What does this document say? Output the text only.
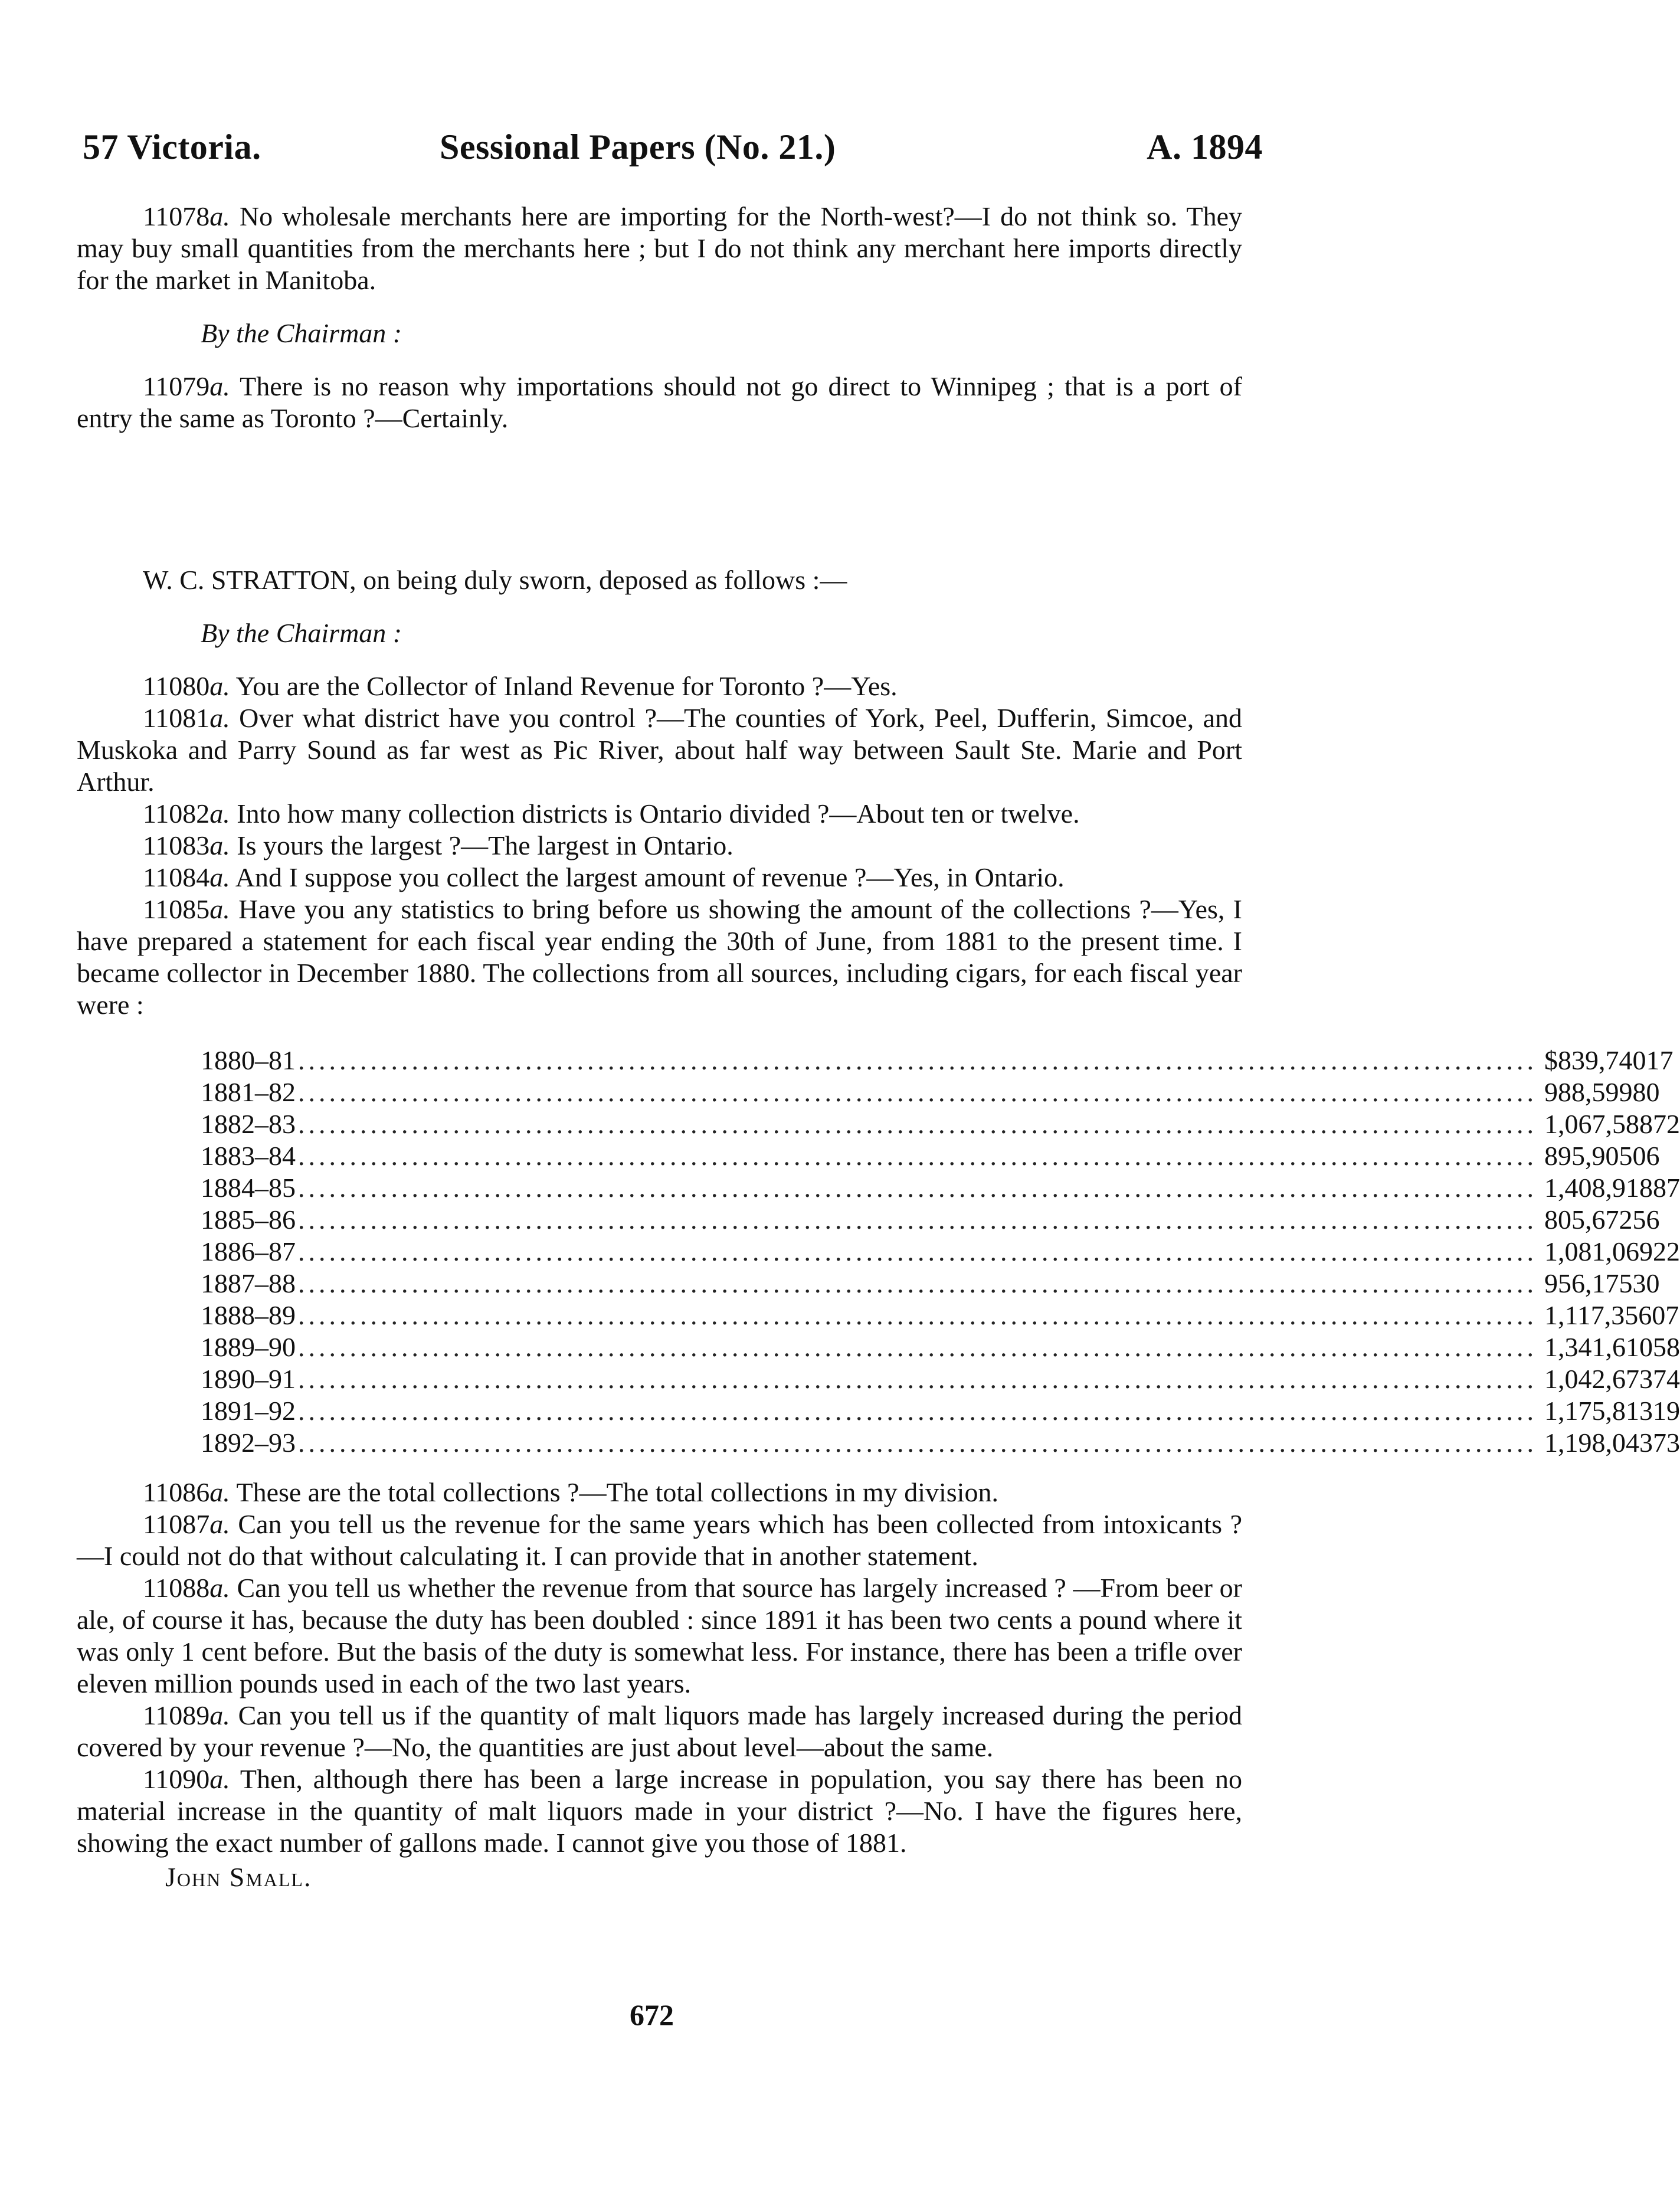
57 Victoria.	Sessional Papers (No. 21.)	A. 1894

11078a. No wholesale merchants here are importing for the North-west?—I do not think so. They may buy small quantities from the merchants here ; but I do not think any merchant here imports directly for the market in Manitoba.

By the Chairman :

11079a. There is no reason why importations should not go direct to Winnipeg ; that is a port of entry the same as Toronto ?—Certainly.

W. C. STRATTON, on being duly sworn, deposed as follows :—

By the Chairman :

11080a. You are the Collector of Inland Revenue for Toronto ?—Yes.

11081a. Over what district have you control ?—The counties of York, Peel, Dufferin, Simcoe, and Muskoka and Parry Sound as far west as Pic River, about half way between Sault Ste. Marie and Port Arthur.

11082a. Into how many collection districts is Ontario divided ?—About ten or twelve.

11083a. Is yours the largest ?—The largest in Ontario.

11084a. And I suppose you collect the largest amount of revenue ?—Yes, in Ontario.

11085a. Have you any statistics to bring before us showing the amount of the collections ?—Yes, I have prepared a statement for each fiscal year ending the 30th of June, from 1881 to the present time. I became collector in December 1880. The collections from all sources, including cigars, for each fiscal year were :

1880–81 ........................................................................................................................ $ 839,740 17
1881–82 ........................................................................................................................ 988,599 80
1882–83 ........................................................................................................................ 1,067,588 72
1883–84 ........................................................................................................................ 895,905 06
1884–85 ........................................................................................................................ 1,408,918 87
1885–86 ........................................................................................................................ 805,672 56
1886–87 ........................................................................................................................ 1,081,069 22
1887–88 ........................................................................................................................ 956,175 30
1888–89 ........................................................................................................................ 1,117,356 07
1889–90 ........................................................................................................................ 1,341,610 58
1890–91 ........................................................................................................................ 1,042,673 74
1891–92 ........................................................................................................................ 1,175,813 19
1892–93 ........................................................................................................................ 1,198,043 73

11086a. These are the total collections ?—The total collections in my division.

11087a. Can you tell us the revenue for the same years which has been collected from intoxicants ?—I could not do that without calculating it. I can provide that in another statement.

11088a. Can you tell us whether the revenue from that source has largely increased ? —From beer or ale, of course it has, because the duty has been doubled : since 1891 it has been two cents a pound where it was only 1 cent before. But the basis of the duty is somewhat less. For instance, there has been a trifle over eleven million pounds used in each of the two last years.

11089a. Can you tell us if the quantity of malt liquors made has largely increased during the period covered by your revenue ?—No, the quantities are just about level—about the same.

11090a. Then, although there has been a large increase in population, you say there has been no material increase in the quantity of malt liquors made in your district ?—No. I have the figures here, showing the exact number of gallons made. I cannot give you those of 1881.

John Small.
672
